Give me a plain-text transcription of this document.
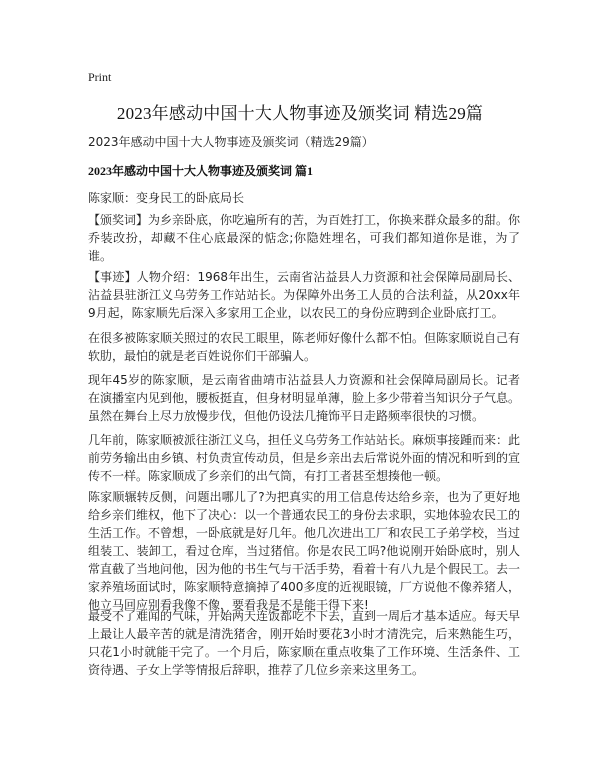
Print
2023年感动中国十大人物事迹及颁奖词 精选29篇
2023年感动中国十大人物事迹及颁奖词（精选29篇）
2023年感动中国十大人物事迹及颁奖词 篇1
陈家顺：变身民工的卧底局长

【颁奖词】为乡亲卧底，你吃遍所有的苦，为百姓打工，你换来群众最多的甜。你乔装改扮，却藏不住心底最深的惦念;你隐姓埋名，可我们都知道你是谁，为了谁。

【事迹】人物介绍：1968年出生，云南省沾益县人力资源和社会保障局副局长、沾益县驻浙江义乌劳务工作站站长。为保障外出务工人员的合法利益，从20xx年9月起，陈家顺先后深入多家用工企业，以农民工的身份应聘到企业卧底打工。

在很多被陈家顺关照过的农民工眼里，陈老师好像什么都不怕。但陈家顺说自己有软肋，最怕的就是老百姓说你们干部骗人。

现年45岁的陈家顺，是云南省曲靖市沾益县人力资源和社会保障局副局长。记者在演播室内见到他，腰板挺直，但身材明显单薄，脸上多少带着当知识分子气息。虽然在舞台上尽力放慢步伐，但他仍设法几掩饰平日走路频率很快的习惯。

几年前，陈家顺被派往浙江义乌，担任义乌劳务工作站站长。麻烦事接踵而来：此前劳务输出由乡镇、村负责宣传动员，但是乡亲出去后常说外面的情况和听到的宣传不一样。陈家顺成了乡亲们的出气筒，有打工者甚至想揍他一顿。

陈家顺辗转反侧，问题出哪儿了?为把真实的用工信息传达给乡亲，也为了更好地给乡亲们维权，他下了决心：以一个普通农民工的身份去求职，实地体验农民工的生活工作。不曾想，一卧底就是好几年。他几次进出工厂和农民工子弟学校，当过组装工、装卸工，看过仓库，当过猪倌。你是农民工吗?他说刚开始卧底时，别人常直截了当地问他，因为他的书生气与干活手势，看着十有八九是个假民工。去一家养殖场面试时，陈家顺特意摘掉了400多度的近视眼镜，厂方说他不像养猪人，他立马回应别看我像不像，要看我是不是能干得下来!

最受不了难闻的气味，开始两天连饭都吃不下去，直到一周后才基本适应。每天早上最让人最辛苦的就是清洗猪舍，刚开始时要花3小时才清洗完，后来熟能生巧，只花1小时就能干完了。一个月后，陈家顺在重点收集了工作环境、生活条件、工资待遇、子女上学等情报后辞职，推荐了几位乡亲来这里务工。
